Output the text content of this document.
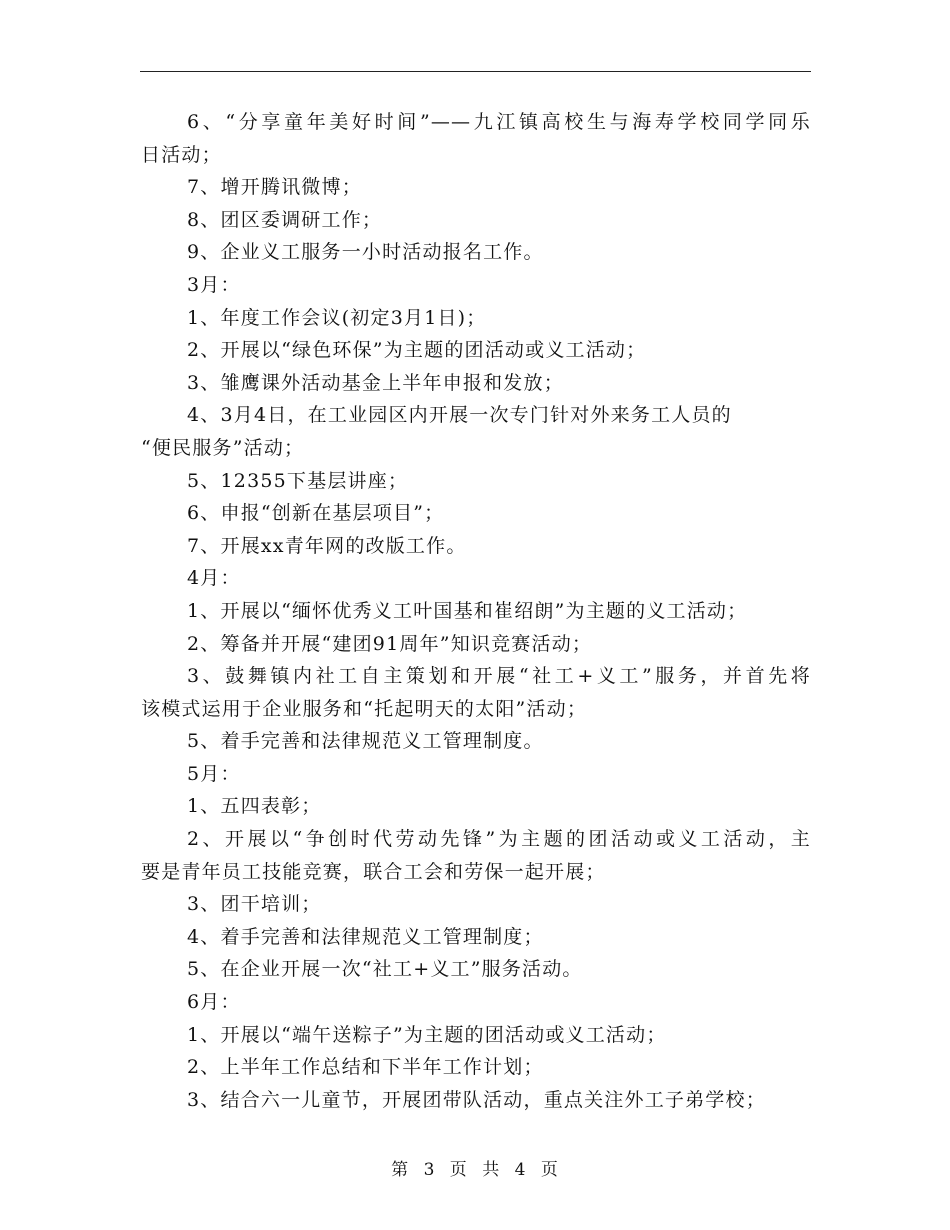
6、“分享童年美好时间”——九江镇高校生与海寿学校同学同乐
日活动；
7、增开腾讯微博；
8、团区委调研工作；
9、企业义工服务一小时活动报名工作。
3月：
1、年度工作会议(初定3月1日)；
2、开展以“绿色环保”为主题的团活动或义工活动；
3、雏鹰课外活动基金上半年申报和发放；
4、3月4日，在工业园区内开展一次专门针对外来务工人员的
“便民服务”活动；
5、12355下基层讲座；
6、申报“创新在基层项目”；
7、开展xx青年网的改版工作。
4月：
1、开展以“缅怀优秀义工叶国基和崔绍朗”为主题的义工活动；
2、筹备并开展“建团91周年”知识竞赛活动；
3、鼓舞镇内社工自主策划和开展“社工+义工”服务，并首先将
该模式运用于企业服务和“托起明天的太阳”活动；
5、着手完善和法律规范义工管理制度。
5月：
1、五四表彰；
2、开展以“争创时代劳动先锋”为主题的团活动或义工活动，主
要是青年员工技能竞赛，联合工会和劳保一起开展；
3、团干培训；
4、着手完善和法律规范义工管理制度；
5、在企业开展一次“社工+义工”服务活动。
6月：
1、开展以“端午送粽子”为主题的团活动或义工活动；
2、上半年工作总结和下半年工作计划；
3、结合六一儿童节，开展团带队活动，重点关注外工子弟学校；
第 3 页 共 4 页
